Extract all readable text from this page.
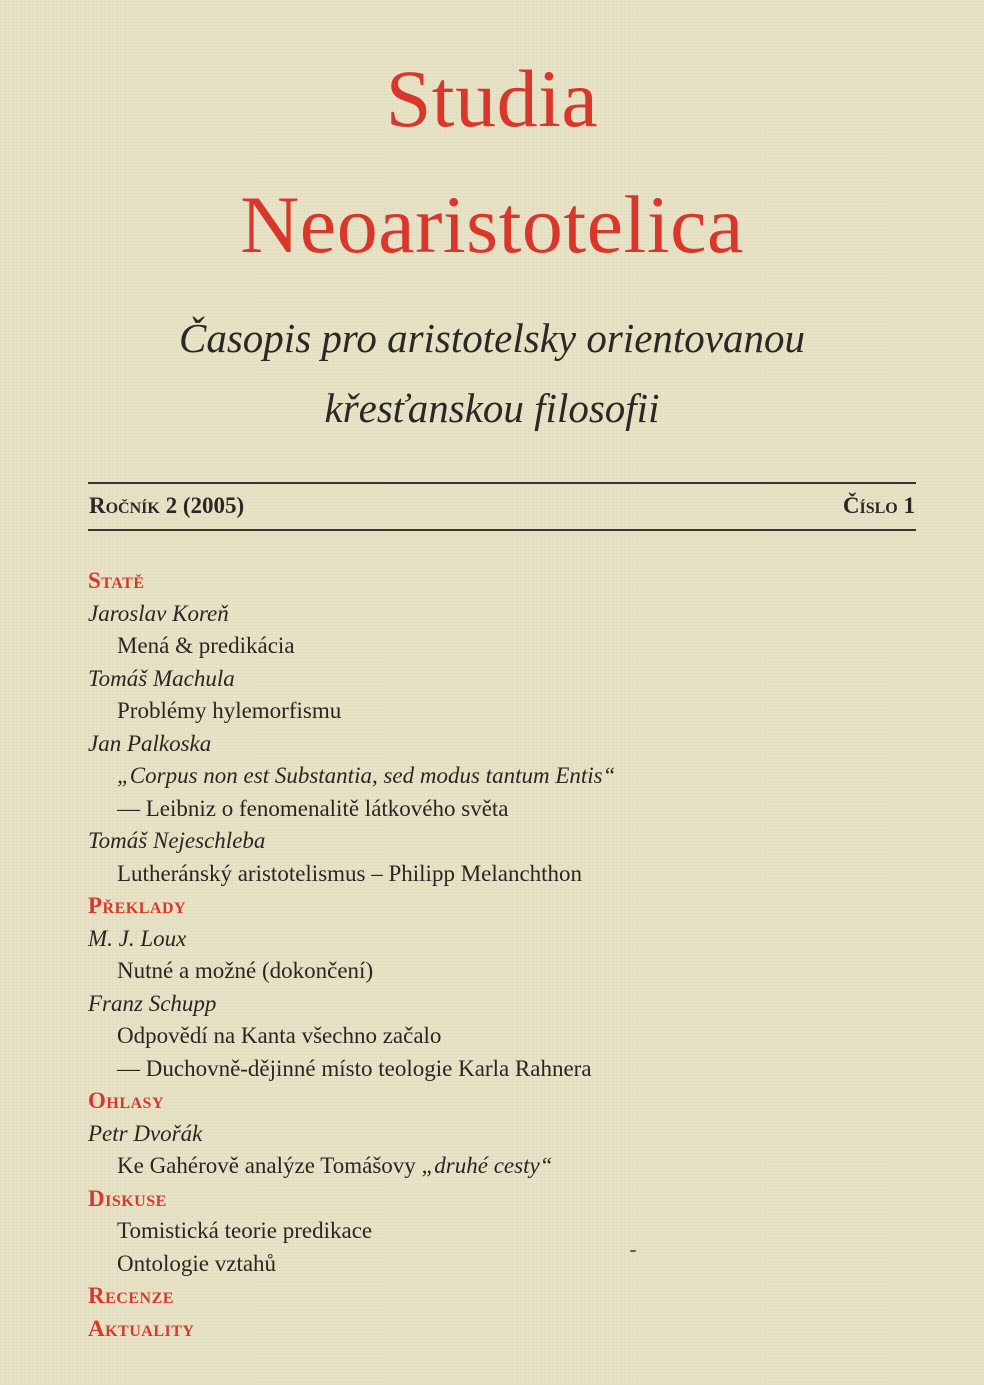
Studia
Neoaristotelica
Časopis pro aristotelsky orientovanou
křesťanskou filosofii
Ročník 2 (2005)	Číslo 1
Statě
Jaroslav Koreň
Mená & predikácia
Tomáš Machula
Problémy hylemorfismu
Jan Palkoska
„Corpus non est Substantia, sed modus tantum Entis“
— Leibniz o fenomenalitě látkového světa
Tomáš Nejeschleba
Lutheránský aristotelismus – Philipp Melanchthon
Překlady
M. J. Loux
Nutné a možné (dokončení)
Franz Schupp
Odpovědí na Kanta všechno začalo
— Duchovně-dějinné místo teologie Karla Rahnera
Ohlasy
Petr Dvořák
Ke Gahérově analýze Tomášovy „druhé cesty“
Diskuse
Tomistická teorie predikace
Ontologie vztahů
Recenze
Aktuality
